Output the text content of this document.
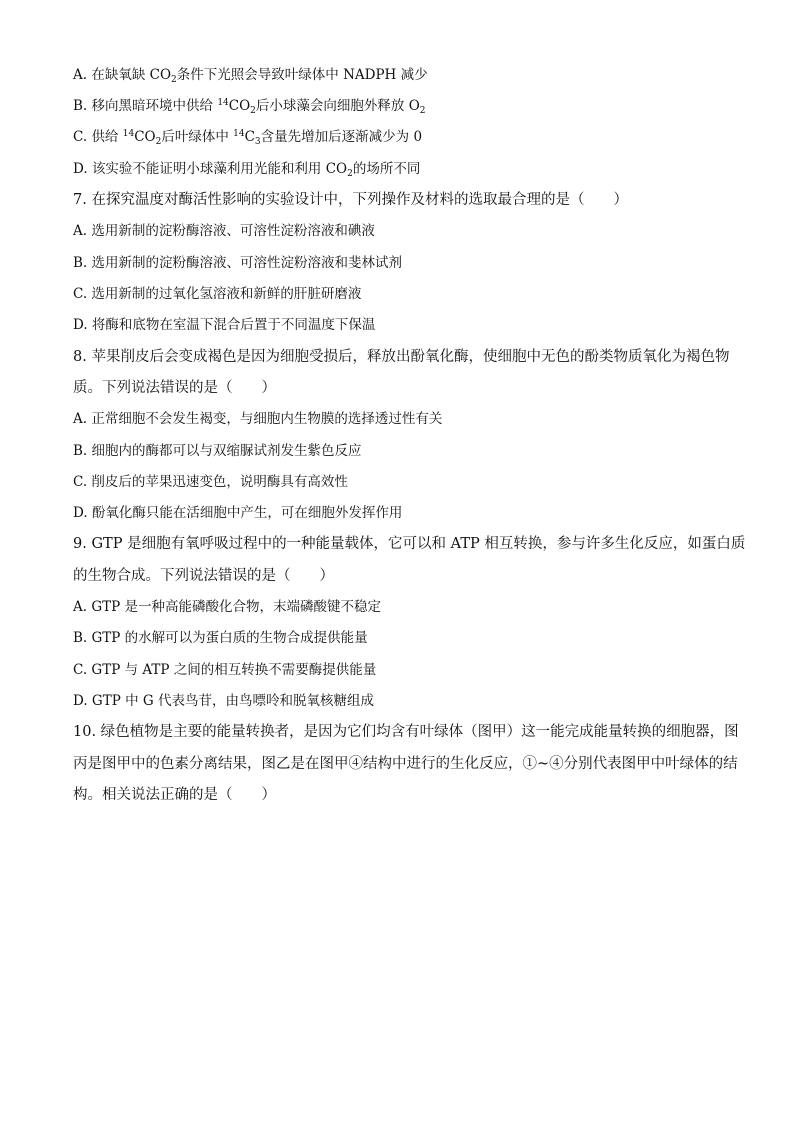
A. 在缺氧缺 $CO_2$条件下光照会导致叶绿体中 NADPH 减少
B. 移向黑暗环境中供给 $^{14}CO_2$后小球藻会向细胞外释放 $O_2$
C. 供给 $^{14}CO_2$后叶绿体中 $^{14}C_3$含量先增加后逐渐减少为 0
D. 该实验不能证明小球藻利用光能和利用 $CO_2$的场所不同
7. 在探究温度对酶活性影响的实验设计中，下列操作及材料的选取最合理的是（　　）
A. 选用新制的淀粉酶溶液、可溶性淀粉溶液和碘液
B. 选用新制的淀粉酶溶液、可溶性淀粉溶液和斐林试剂
C. 选用新制的过氧化氢溶液和新鲜的肝脏研磨液
D. 将酶和底物在室温下混合后置于不同温度下保温
8. 苹果削皮后会变成褐色是因为细胞受损后，释放出酚氧化酶，使细胞中无色的酚类物质氧化为褐色物
质。下列说法错误的是（　　）
A. 正常细胞不会发生褐变，与细胞内生物膜的选择透过性有关
B. 细胞内的酶都可以与双缩脲试剂发生紫色反应
C. 削皮后的苹果迅速变色，说明酶具有高效性
D. 酚氧化酶只能在活细胞中产生，可在细胞外发挥作用
9. GTP 是细胞有氧呼吸过程中的一种能量载体，它可以和 ATP 相互转换，参与许多生化反应，如蛋白质
的生物合成。下列说法错误的是（　　）
A. GTP 是一种高能磷酸化合物，末端磷酸键不稳定
B. GTP 的水解可以为蛋白质的生物合成提供能量
C. GTP 与 ATP 之间的相互转换不需要酶提供能量
D. GTP 中 G 代表鸟苷，由鸟嘌呤和脱氧核糖组成
10. 绿色植物是主要的能量转换者，是因为它们均含有叶绿体（图甲）这一能完成能量转换的细胞器，图
丙是图甲中的色素分离结果，图乙是在图甲④结构中进行的生化反应，①~④分别代表图甲中叶绿体的结
构。相关说法正确的是（　　）
